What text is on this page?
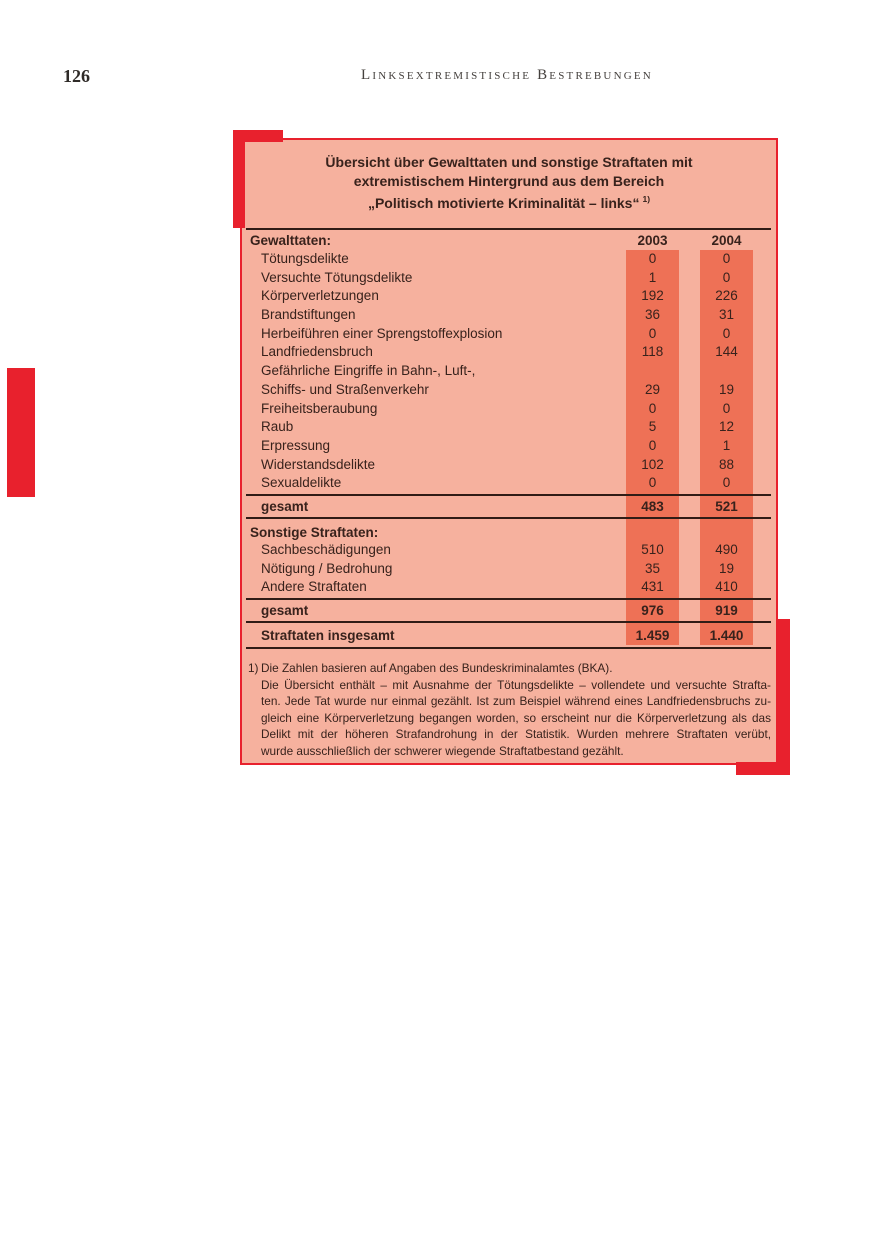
126	Linksextremistische Bestrebungen
Übersicht über Gewalttaten und sonstige Straftaten mit
extremistischem Hintergrund aus dem Bereich
„Politisch motivierte Kriminalität – links“ $^{1)}$
Gewalttaten:	2003	2004
Tötungsdelikte	0	0
Versuchte Tötungsdelikte	1	0
Körperverletzungen	192	226
Brandstiftungen	36	31
Herbeiführen einer Sprengstoffexplosion	0	0
Landfriedensbruch	118	144
Gefährliche Eingriffe in Bahn-, Luft-,
Schiffs- und Straßenverkehr	29	19
Freiheitsberaubung	0	0
Raub	5	12
Erpressung	0	1
Widerstandsdelikte	102	88
Sexualdelikte	0	0
gesamt	483	521
Sonstige Straftaten:
Sachbeschädigungen	510	490
Nötigung / Bedrohung	35	19
Andere Straftaten	431	410
gesamt	976	919
Straftaten insgesamt	1.459	1.440
1) Die Zahlen basieren auf Angaben des Bundeskriminalamtes (BKA).
Die Übersicht enthält – mit Ausnahme der Tötungsdelikte – vollendete und versuchte Strafta-
ten. Jede Tat wurde nur einmal gezählt. Ist zum Beispiel während eines Landfriedensbruchs zu-
gleich eine Körperverletzung begangen worden, so erscheint nur die Körperverletzung als das
Delikt mit der höheren Strafandrohung in der Statistik. Wurden mehrere Straftaten verübt,
wurde ausschließlich der schwerer wiegende Straftatbestand gezählt.
